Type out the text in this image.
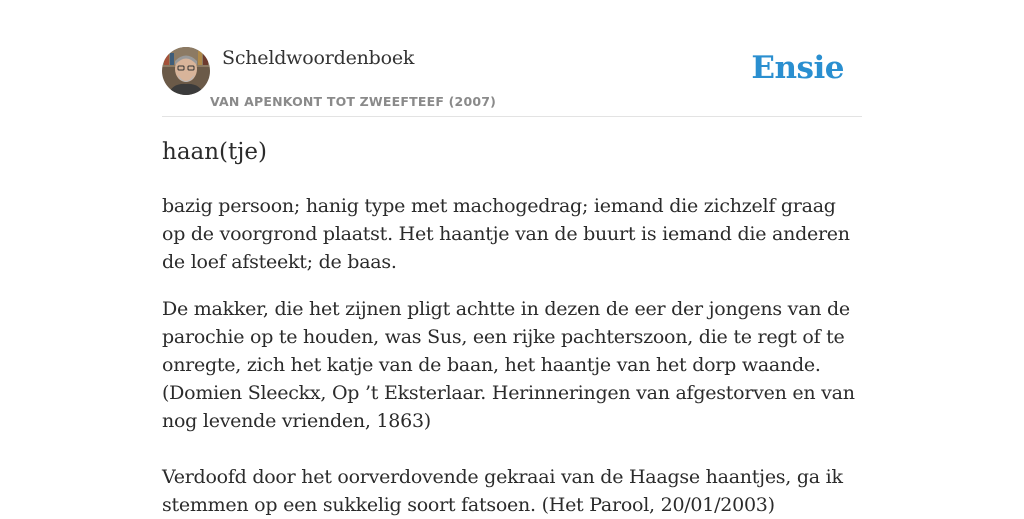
Scheldwoordenboek
VAN APENKONT TOT ZWEEFTEEF (2007)
Ensie
haan(tje)

bazig persoon; hanig type met machogedrag; iemand die zichzelf graag op de voorgrond plaatst. Het haantje van de buurt is iemand die anderen de loef afsteekt; de baas.

De makker, die het zijnen pligt achtte in dezen de eer der jongens van de parochie op te houden, was Sus, een rijke pachterszoon, die te regt of te onregte, zich het katje van de baan, het haantje van het dorp waande. (Domien Sleeckx, Op ’t Eksterlaar. Herinneringen van afgestorven en van nog levende vrienden, 1863)

Verdoofd door het oorverdovende gekraai van de Haagse haantjes, ga ik stemmen op een sukkelig soort fatsoen. (Het Parool, 20/01/2003)
